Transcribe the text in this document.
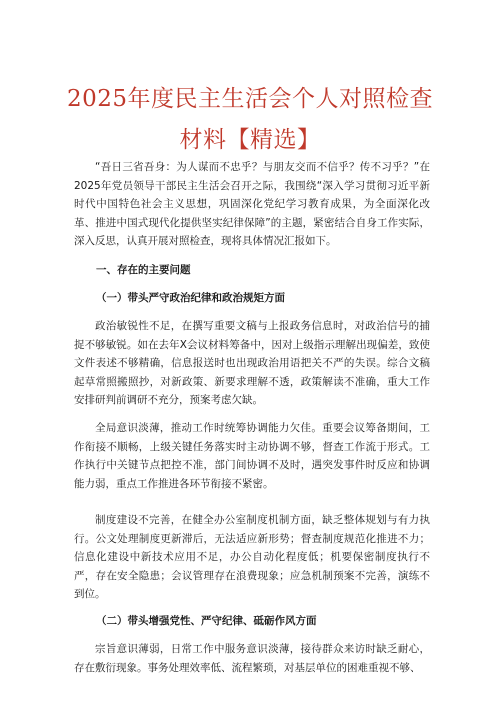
2025年度民主生活会个人对照检查
材料【精选】

“吾日三省吾身：为人谋而不忠乎？与朋友交而不信乎？传不习乎？”在2025年党员领导干部民主生活会召开之际，我围绕“深入学习贯彻习近平新时代中国特色社会主义思想，巩固深化党纪学习教育成果，为全面深化改革、推进中国式现代化提供坚实纪律保障”的主题，紧密结合自身工作实际，深入反思，认真开展对照检查，现将具体情况汇报如下。

一、存在的主要问题
（一）带头严守政治纪律和政治规矩方面

政治敏锐性不足，在撰写重要文稿与上报政务信息时，对政治信号的捕捉不够敏锐。如在去年X会议材料筹备中，因对上级指示理解出现偏差，致使文件表述不够精确，信息报送时也出现政治用语把关不严的失误。综合文稿起草常照搬照抄，对新政策、新要求理解不透，政策解读不准确，重大工作安排研判前调研不充分，预案考虑欠缺。

全局意识淡薄，推动工作时统筹协调能力欠佳。重要会议筹备期间，工作衔接不顺畅，上级关键任务落实时主动协调不够，督查工作流于形式。工作执行中关键节点把控不准，部门间协调不及时，遇突发事件时反应和协调能力弱，重点工作推进各环节衔接不紧密。

制度建设不完善，在健全办公室制度机制方面，缺乏整体规划与有力执行。公文处理制度更新滞后，无法适应新形势；督查制度规范化推进不力；信息化建设中新技术应用不足，办公自动化程度低；机要保密制度执行不严，存在安全隐患；会议管理存在浪费现象；应急机制预案不完善，演练不到位。

（二）带头增强党性、严守纪律、砥砺作风方面

宗旨意识薄弱，日常工作中服务意识淡薄，接待群众来访时缺乏耐心，存在敷衍现象。事务处理效率低、流程繁琐，对基层单位的困难重视不够、
